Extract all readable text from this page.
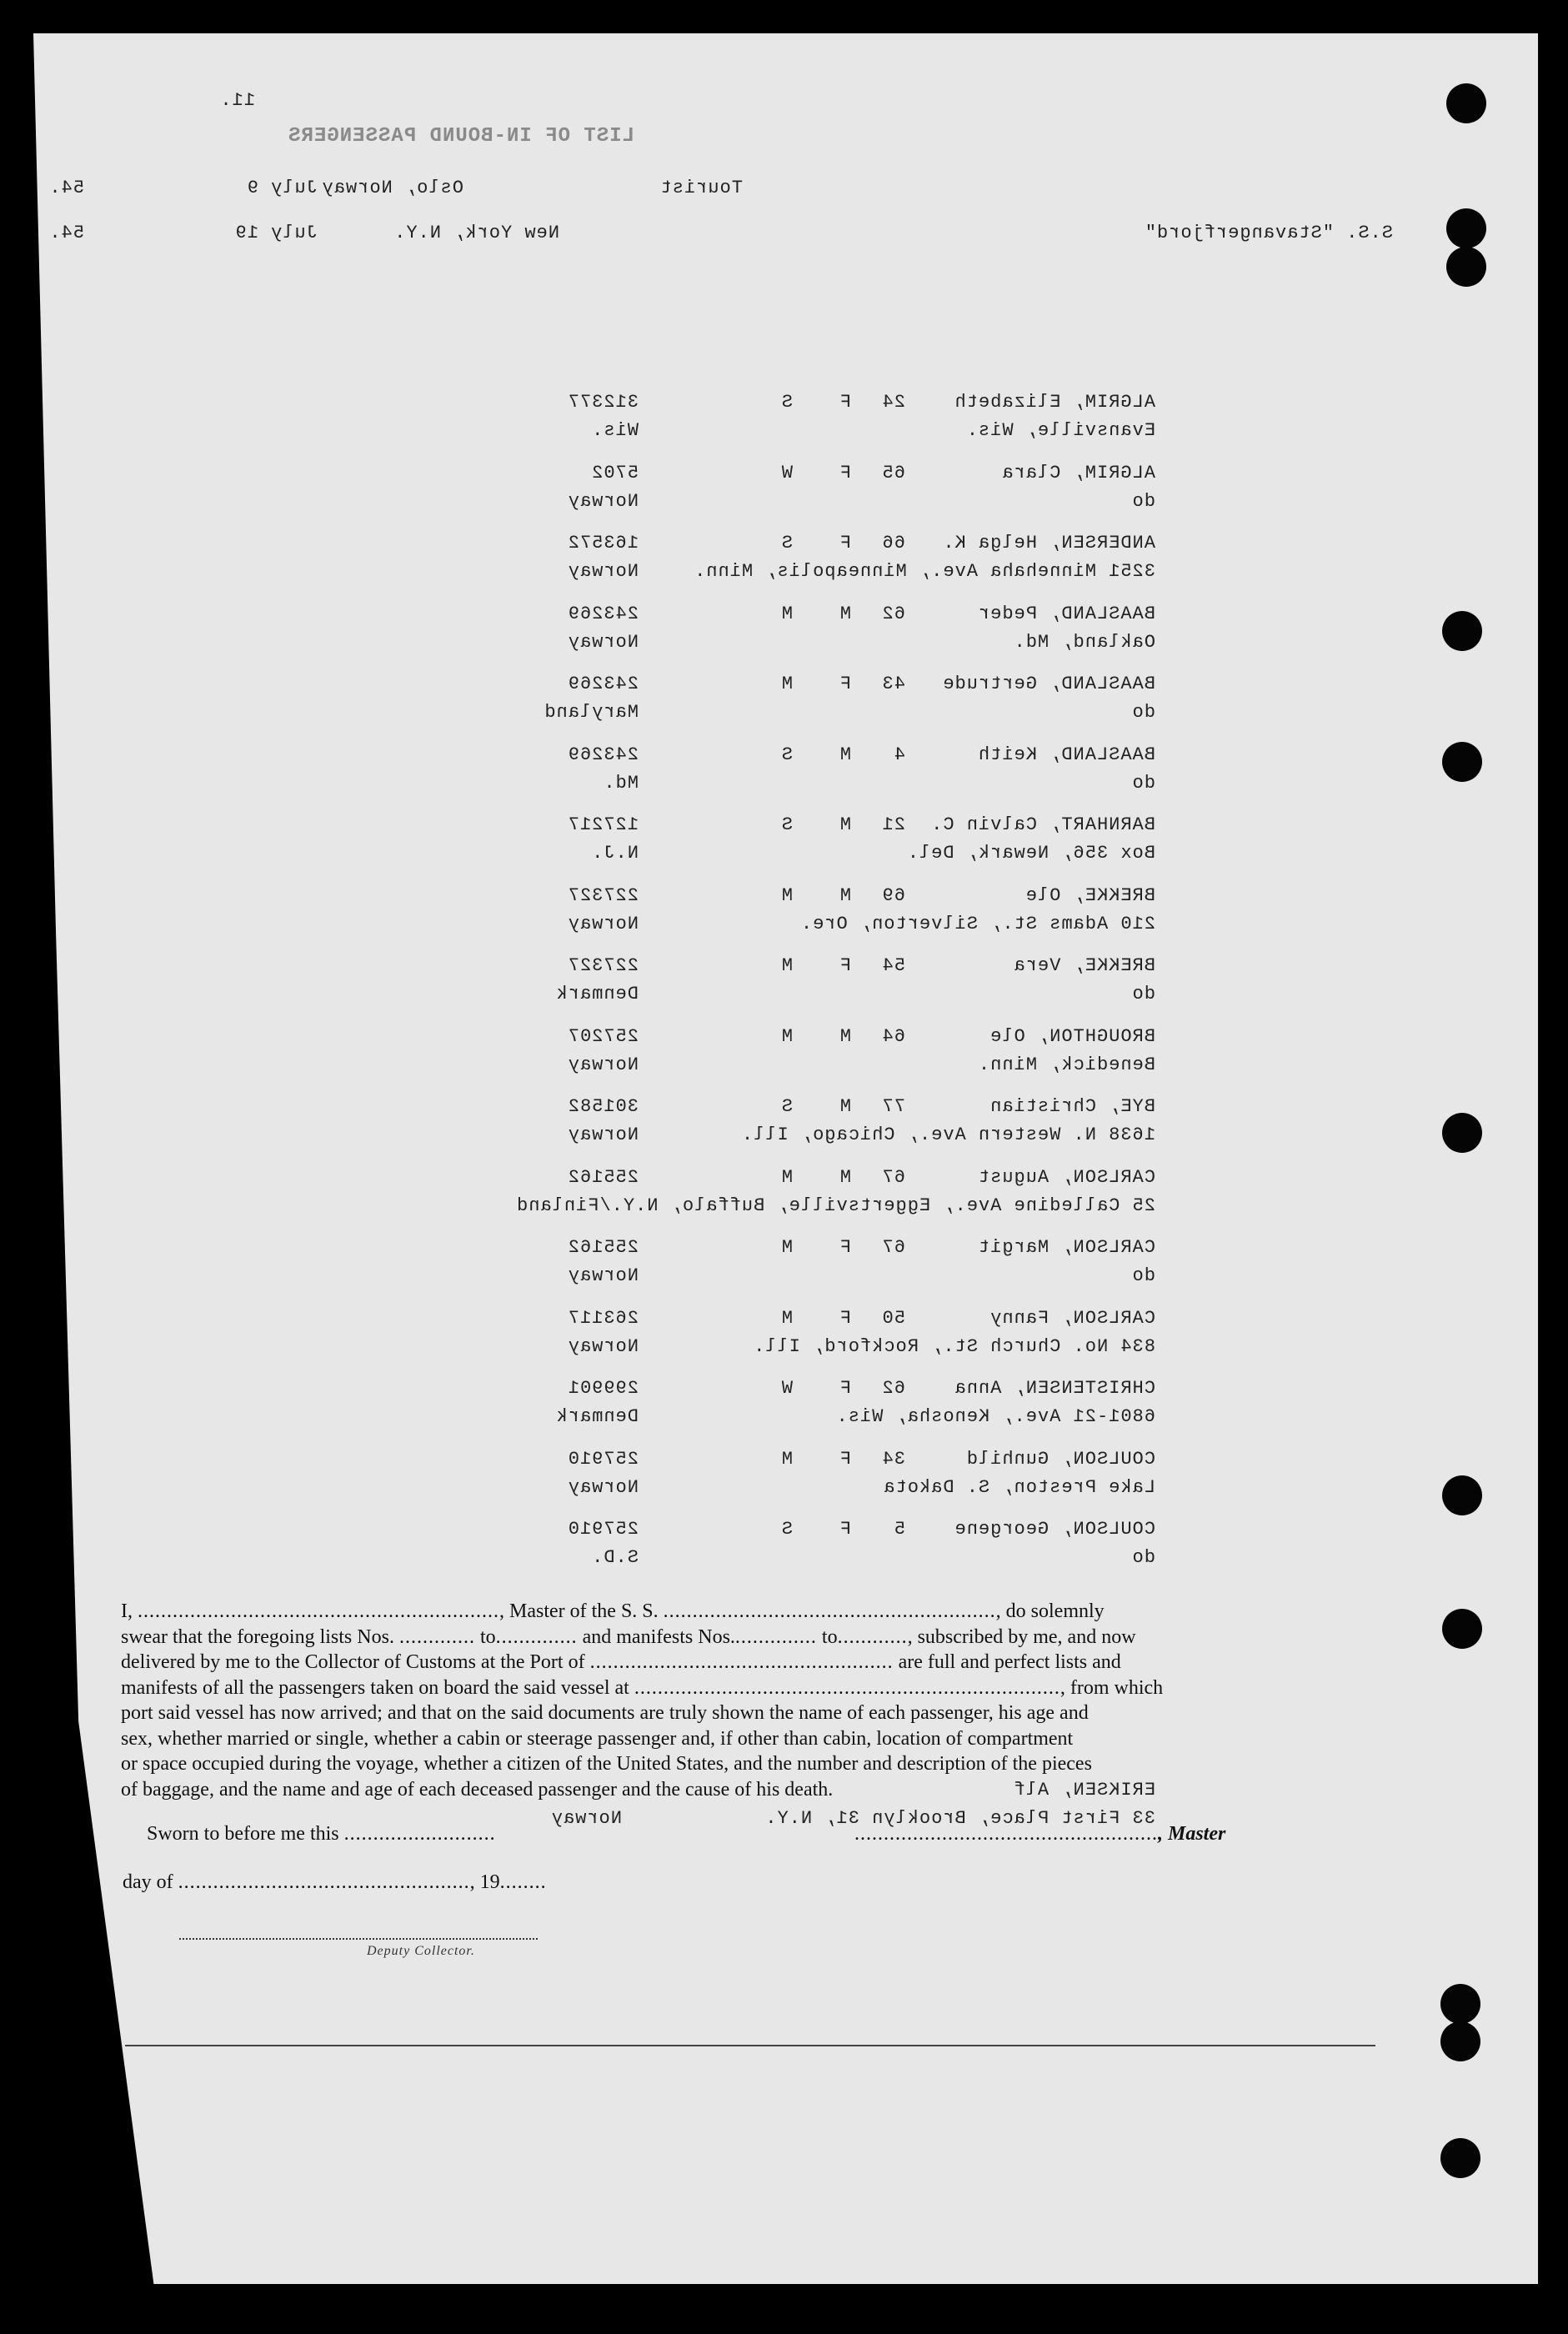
11.
LIST OF IN-BOUND PASSENGERS
Tourist
Oslo, Norway
July 9
54.
S.S. "Stavangerfjord"
New York, N.Y.
July 19
54.
ALGRIM, Elizabeth
24
F
S
312377
Evansville, Wis.
Wis.
ALGRIM, Clara
65
F
W
5702
do
Norway
ANDERSEN, Helga K.
66
F
S
163572
3251 Minnehaha Ave., Minneapolis, Minn.
Norway
BAASLAND, Peder
62
M
M
243269
Oakland, Md.
Norway
BAASLAND, Gertrude
43
F
M
243269
do
Maryland
BAASLAND, Keith
4
M
S
243269
do
Md.
BARNHART, Calvin C.
21
M
S
127217
Box 356, Newark, Del.
N.J.
BREKKE, Ole
69
M
M
227327
210 Adams St., Silverton, Ore.
Norway
BREKKE, Vera
54
F
M
227327
do
Denmark
BROUGHTON, Ole
64
M
M
257207
Benedick, Minn.
Norway
BYE, Christian
77
M
S
301582
1638 N. Western Ave., Chicago, Ill.
Norway
CARLSON, August
67
M
M
255162
25 Calledine Ave., Eggertsville, Buffalo, N.Y./Finland
CARLSON, Margit
67
F
M
255162
do
Norway
CARLSON, Fanny
50
F
M
263117
834 No. Church St., Rockford, Ill.
Norway
CHRISTENSEN, Anna
62
F
W
299901
6801-21 Ave., Kenosha, Wis.
Denmark
COULSON, Gunhild
34
F
M
257910
Lake Preston, S. Dakota
Norway
COULSON, Georgene
5
F
S
257910
do
S.D.
ERIKSEN, Alf
33 First Place, Brooklyn 31, N.Y.
Norway

I, .............................................................., Master of the S. S. ........................................................., do solemnly

swear that the foregoing lists Nos. ............. to.............. and manifests Nos............... to............, subscribed by me, and now

delivered by me to the Collector of Customs at the Port of .................................................... are full and perfect lists and

manifests of all the passengers taken on board the said vessel at ........................................................................., from which

port said vessel has now arrived; and that on the said documents are truly shown the name of each passenger, his age and

sex, whether married or single, whether a cabin or steerage passenger and, if other than cabin, location of compartment

or space occupied during the voyage, whether a citizen of the United States, and the number and description of the pieces

of baggage, and the name and age of each deceased passenger and the cause of his death.

Sworn to before me this ..........................	...................................................., Master
day of .................................................., 19........
Deputy Collector.
